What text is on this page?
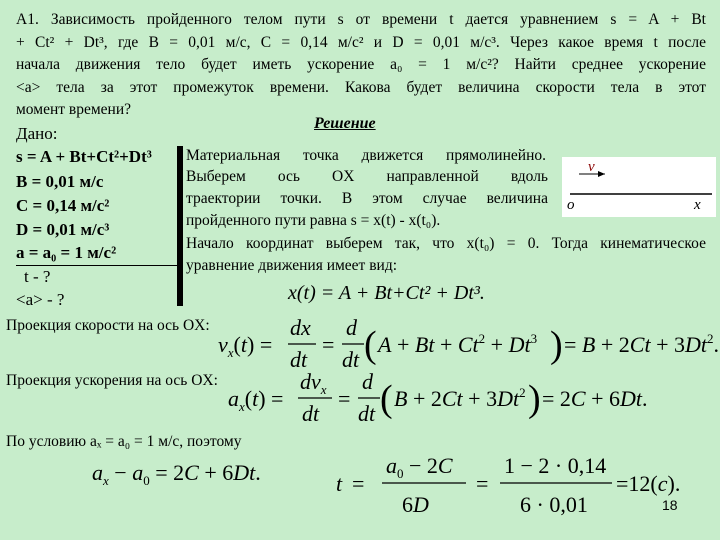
А1. Зависимость пройденного телом пути s от времени t дается уравнением s = A + Bt
+ Ct² + Dt³, где B = 0,01 м/с, C = 0,14 м/с² и D = 0,01 м/с³. Через какое время t после
начала движения тело будет иметь ускорение a₀ = 1 м/с²? Найти среднее ускорение
<a> тела за этот промежуток времени. Какова будет величина скорости тела в этот
момент времени?
Решение
Дано:
s = A + Bt+Ct²+Dt³
B = 0,01 м/с
C = 0,14 м/с²
D = 0,01 м/с³
a = a₀ = 1 м/с²
t - ?
<a> - ?
Материальная точка движется прямолинейно.
Выберем ось OX направленной вдоль
траектории точки. В этом случае величина
пройденного пути равна s = x(t) - x(t₀).
v
o	x
Начало координат выберем так, что x(t₀) = 0. Тогда кинематическое
уравнение движения имеет вид:
x(t) = A + Bt+Ct² + Dt³.
Проекция скорости на ось OX:
$v_x(t)$ =
dx
dt
=
d
dt ( $A + Bt + Ct^2 + Dt^3$ ) = $B + 2Ct + 3Dt^2$.
Проекция ускорения на ось OX:
$a_x(t)$ =
$dv_x$
dt
=
d
dt ( $B + 2Ct + 3Dt^2$ ) = 2C + 6Dt.
По условию aₓ = a₀ = 1 м/с, поэтому
$a_x - a_0 = 2C + 6Dt$.	t =
$a_0 - 2C$
6D
=
1 − 2 · 0,14
6 · 0,01
=12(c).
18
